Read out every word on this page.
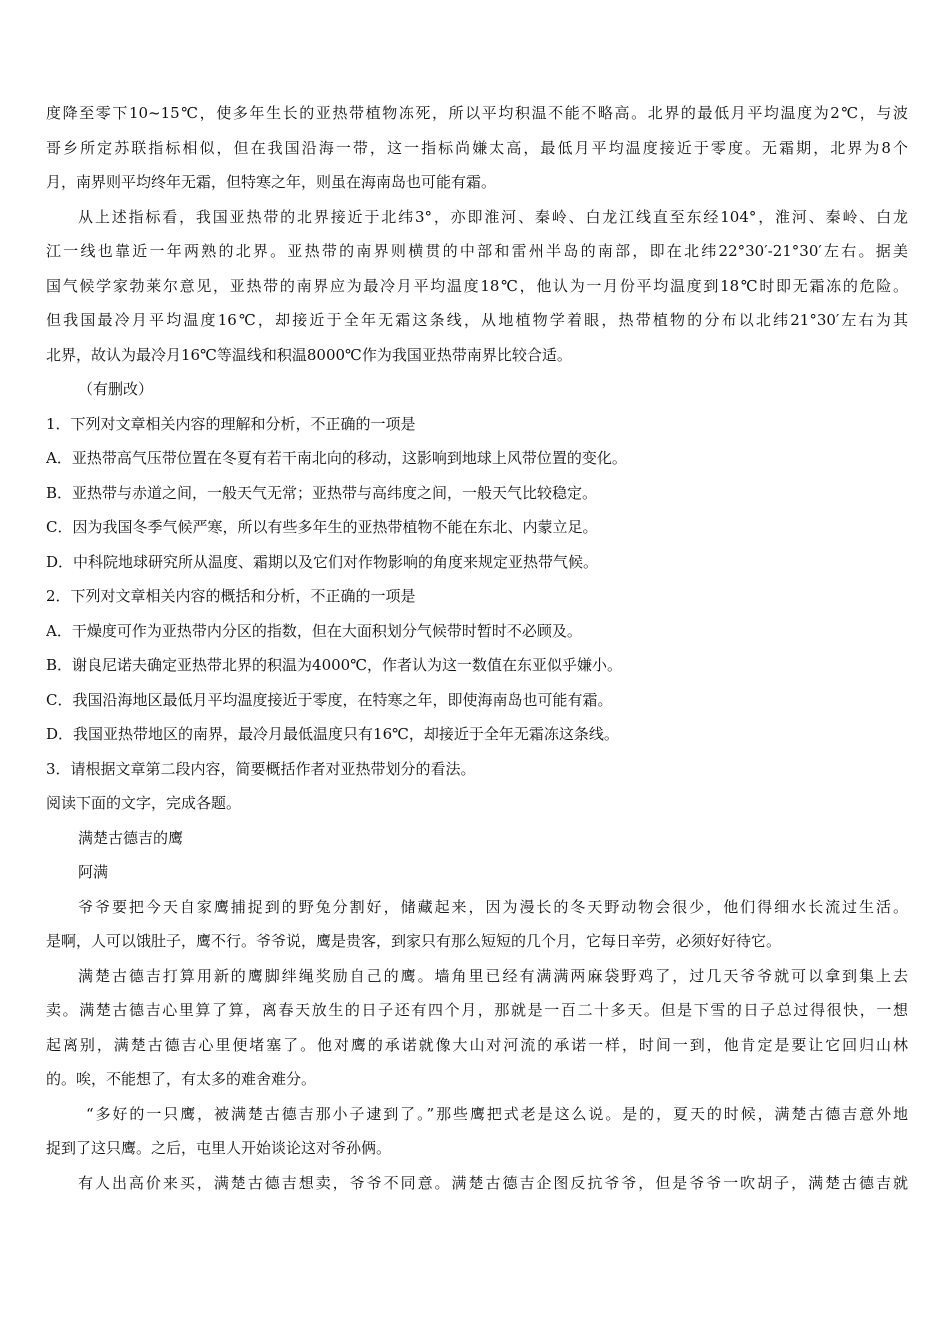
度降至零下10~15℃，使多年生长的亚热带植物冻死，所以平均积温不能不略高。北界的最低月平均温度为2℃，与波
哥乡所定苏联指标相似，但在我国沿海一带，这一指标尚嫌太高，最低月平均温度接近于零度。无霜期，北界为8个
月，南界则平均终年无霜，但特寒之年，则虽在海南岛也可能有霜。
从上述指标看，我国亚热带的北界接近于北纬3°，亦即淮河、秦岭、白龙江线直至东经104°，淮河、秦岭、白龙
江一线也靠近一年两熟的北界。亚热带的南界则横贯的中部和雷州半岛的南部，即在北纬22°30′-21°30′左右。据美
国气候学家勃莱尔意见，亚热带的南界应为最冷月平均温度18℃，他认为一月份平均温度到18℃时即无霜冻的危险。
但我国最冷月平均温度16℃，却接近于全年无霜这条线，从地植物学着眼，热带植物的分布以北纬21°30′左右为其
北界，故认为最冷月16℃等温线和积温8000℃作为我国亚热带南界比较合适。
（有删改）
1．下列对文章相关内容的理解和分析，不正确的一项是
A．亚热带高气压带位置在冬夏有若干南北向的移动，这影响到地球上风带位置的变化。
B．亚热带与赤道之间，一般天气无常；亚热带与高纬度之间，一般天气比较稳定。
C．因为我国冬季气候严寒，所以有些多年生的亚热带植物不能在东北、内蒙立足。
D．中科院地球研究所从温度、霜期以及它们对作物影响的角度来规定亚热带气候。
2．下列对文章相关内容的概括和分析，不正确的一项是
A．干燥度可作为亚热带内分区的指数，但在大面积划分气候带时暂时不必顾及。
B．谢良尼诺夫确定亚热带北界的积温为4000℃，作者认为这一数值在东亚似乎嫌小。
C．我国沿海地区最低月平均温度接近于零度，在特寒之年，即使海南岛也可能有霜。
D．我国亚热带地区的南界，最冷月最低温度只有16℃，却接近于全年无霜冻这条线。
3．请根据文章第二段内容，简要概括作者对亚热带划分的看法。
阅读下面的文字，完成各题。
满楚古德吉的鹰
阿满
爷爷要把今天自家鹰捕捉到的野兔分割好，储藏起来，因为漫长的冬天野动物会很少，他们得细水长流过生活。
是啊，人可以饿肚子，鹰不行。爷爷说，鹰是贵客，到家只有那么短短的几个月，它每日辛劳，必须好好待它。
满楚古德吉打算用新的鹰脚绊绳奖励自己的鹰。墙角里已经有满满两麻袋野鸡了，过几天爷爷就可以拿到集上去
卖。满楚古德吉心里算了算，离春天放生的日子还有四个月，那就是一百二十多天。但是下雪的日子总过得很快，一想
起离别，满楚古德吉心里便堵塞了。他对鹰的承诺就像大山对河流的承诺一样，时间一到，他肯定是要让它回归山林
的。唉，不能想了，有太多的难舍难分。
“多好的一只鹰，被满楚古德吉那小子逮到了。”那些鹰把式老是这么说。是的，夏天的时候，满楚古德吉意外地
捉到了这只鹰。之后，屯里人开始谈论这对爷孙俩。
有人出高价来买，满楚古德吉想卖，爷爷不同意。满楚古德吉企图反抗爷爷，但是爷爷一吹胡子，满楚古德吉就
